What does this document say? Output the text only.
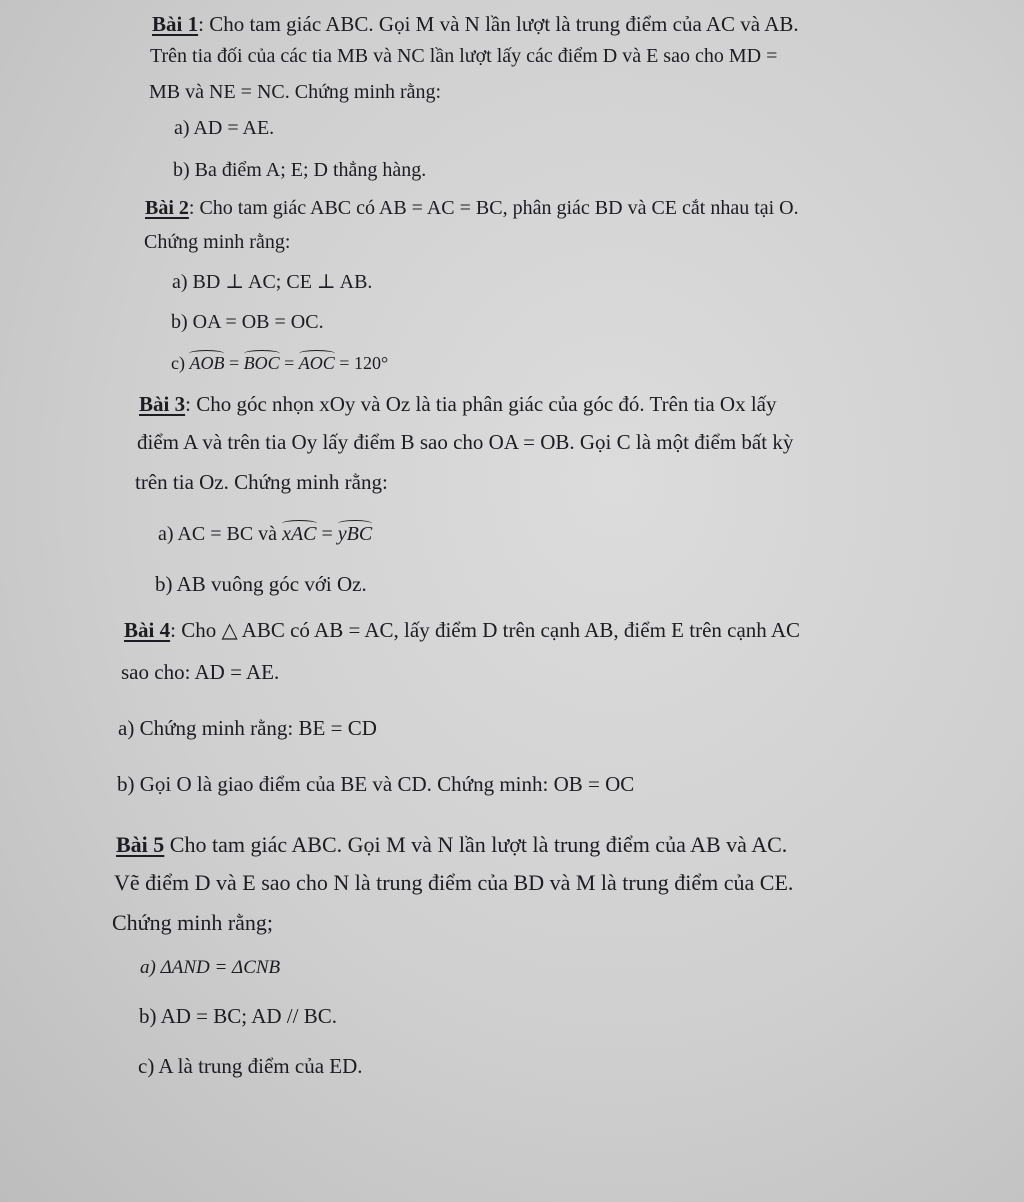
Bài 1: Cho tam giác ABC. Gọi M và N lần lượt là trung điểm của AC và AB.
Trên tia đối của các tia MB và NC lần lượt lấy các điểm D và E sao cho MD =
MB và NE = NC. Chứng minh rằng:
a) AD = AE.
b) Ba điểm A; E; D thẳng hàng.
Bài 2: Cho tam giác ABC có AB = AC = BC, phân giác BD và CE cắt nhau tại O.
Chứng minh rằng:
a) BD ⊥ AC; CE ⊥ AB.
b) OA = OB = OC.
c) AOB = BOC = AOC = 120°
Bài 3: Cho góc nhọn xOy và Oz là tia phân giác của góc đó. Trên tia Ox lấy
điểm A và trên tia Oy lấy điểm B sao cho OA = OB. Gọi C là một điểm bất kỳ
trên tia Oz. Chứng minh rằng:
a) AC = BC và xAC = yBC
b) AB vuông góc với Oz.
Bài 4: Cho △ ABC có AB = AC, lấy điểm D trên cạnh AB, điểm E trên cạnh AC
sao cho: AD = AE.
a) Chứng minh rằng: BE = CD
b) Gọi O là giao điểm của BE và CD. Chứng minh: OB = OC
Bài 5 Cho tam giác ABC. Gọi M và N lần lượt là trung điểm của AB và AC.
Vẽ điểm D và E sao cho N là trung điểm của BD và M là trung điểm của CE.
Chứng minh rằng;
a) ΔAND = ΔCNB
b) AD = BC; AD // BC.
c) A là trung điểm của ED.
